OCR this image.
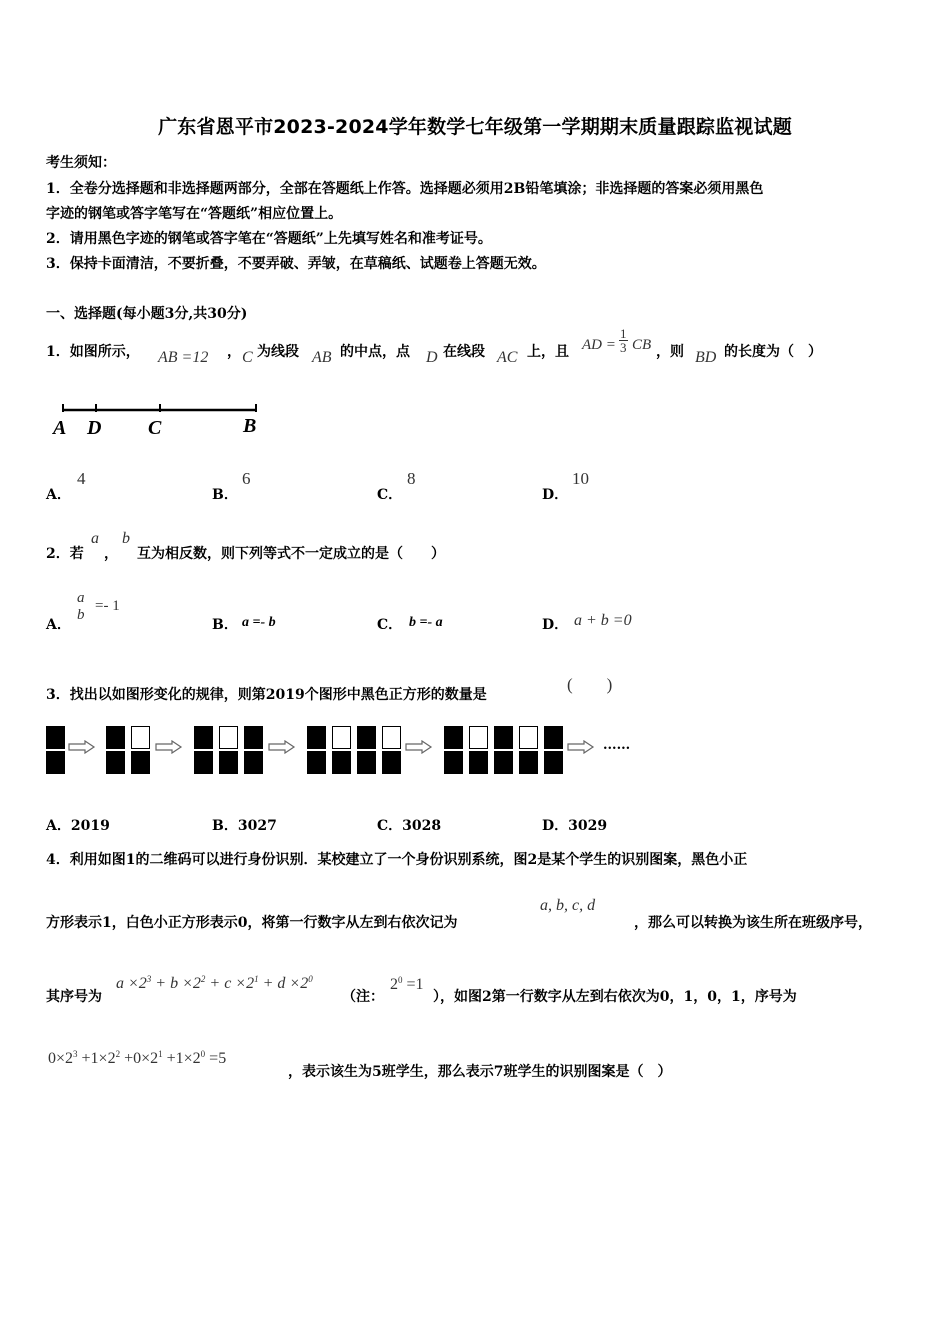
广东省恩平市2023-2024学年数学七年级第一学期期末质量跟踪监视试题
考生须知：
1．全卷分选择题和非选择题两部分，全部在答题纸上作答。选择题必须用2B铅笔填涂；非选择题的答案必须用黑色
字迹的钢笔或答字笔写在“答题纸”相应位置上。
2．请用黑色字迹的钢笔或答字笔在“答题纸”上先填写姓名和准考证号。
3．保持卡面清洁，不要折叠，不要弄破、弄皱，在草稿纸、试题卷上答题无效。
一、选择题(每小题3分,共30分)
1．如图所示， AB =12 ， C 为线段 AB 的中点，点 D 在线段 AC 上，且 AD = $\frac{1}{3}$ CB ，则 BD 的长度为（　）
A D C	B
A．
4
B．
6
C．
8
D．
10
2．若
a
，
b
互为相反数，则下列等式不一定成立的是（　　）
A．
a
b
=- 1
B． a =- b	C． b =- a	D． a + b =0
3．找出以如图形变化的规律，则第2019个图形中黑色正方形的数量是
(　　)
......
A．2019	B．3027	C．3028	D．3029
4．利用如图1的二维码可以进行身份识别．某校建立了一个身份识别系统，图2是某个学生的识别图案，黑色小正
方形表示1，白色小正方形表示0，将第一行数字从左到右依次记为
a, b, c, d
，那么可以转换为该生所在班级序号，
其序号为
$a \times 2^3 + b \times 2^2 + c \times 2^1 + d \times 2^0$
（注：
$2^0 =1$
），如图2第一行数字从左到右依次为0，1，0，1，序号为
$0\times 2^3 +1\times 2^2 +0\times 2^1 +1\times 2^0 =5$
，表示该生为5班学生，那么表示7班学生的识别图案是（　）
